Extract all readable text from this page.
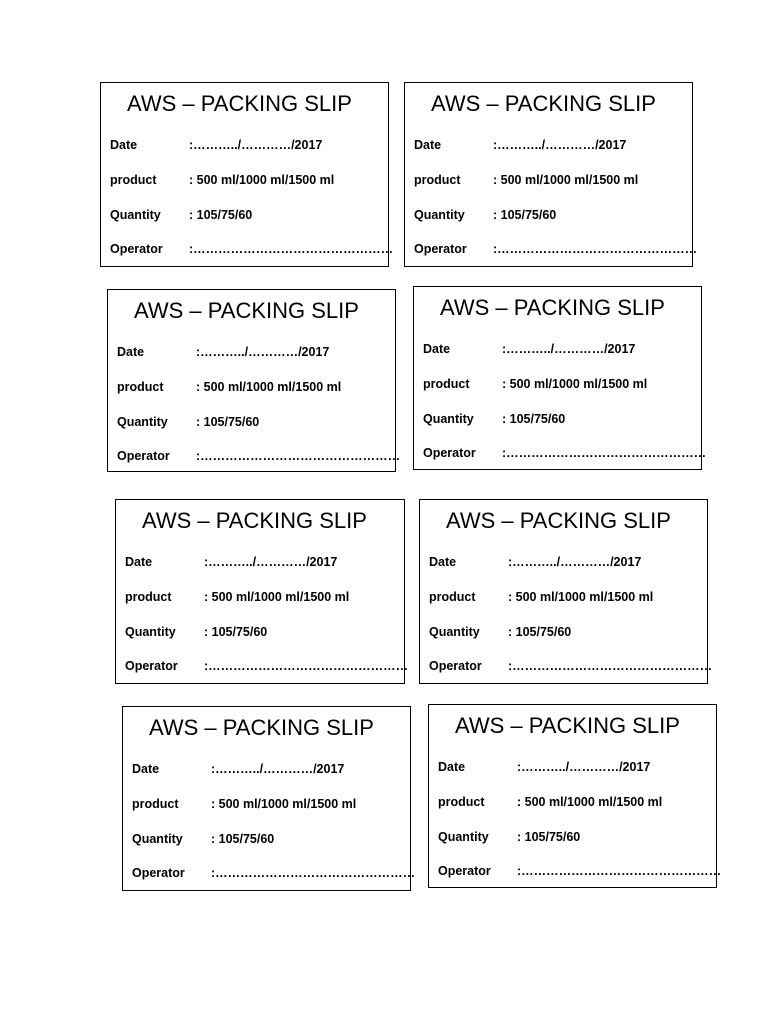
AWS – PACKING SLIP
Date	:………../…………/2017
product	: 500 ml/1000 ml/1500 ml
Quantity : 105/75/60
Operator :…………………………………………
AWS – PACKING SLIP
Date	:………../…………/2017
product	: 500 ml/1000 ml/1500 ml
Quantity : 105/75/60
Operator :…………………………………………
AWS – PACKING SLIP
Date	:………../…………/2017
product	: 500 ml/1000 ml/1500 ml
Quantity : 105/75/60
Operator :…………………………………………
AWS – PACKING SLIP
Date	:………../…………/2017
product	: 500 ml/1000 ml/1500 ml
Quantity : 105/75/60
Operator :…………………………………………
AWS – PACKING SLIP
Date	:………../…………/2017
product	: 500 ml/1000 ml/1500 ml
Quantity : 105/75/60
Operator :…………………………………………
AWS – PACKING SLIP
Date	:………../…………/2017
product	: 500 ml/1000 ml/1500 ml
Quantity : 105/75/60
Operator :…………………………………………
AWS – PACKING SLIP
Date	:………../…………/2017
product	: 500 ml/1000 ml/1500 ml
Quantity : 105/75/60
Operator :…………………………………………
AWS – PACKING SLIP
Date	:………../…………/2017
product	: 500 ml/1000 ml/1500 ml
Quantity : 105/75/60
Operator :…………………………………………
